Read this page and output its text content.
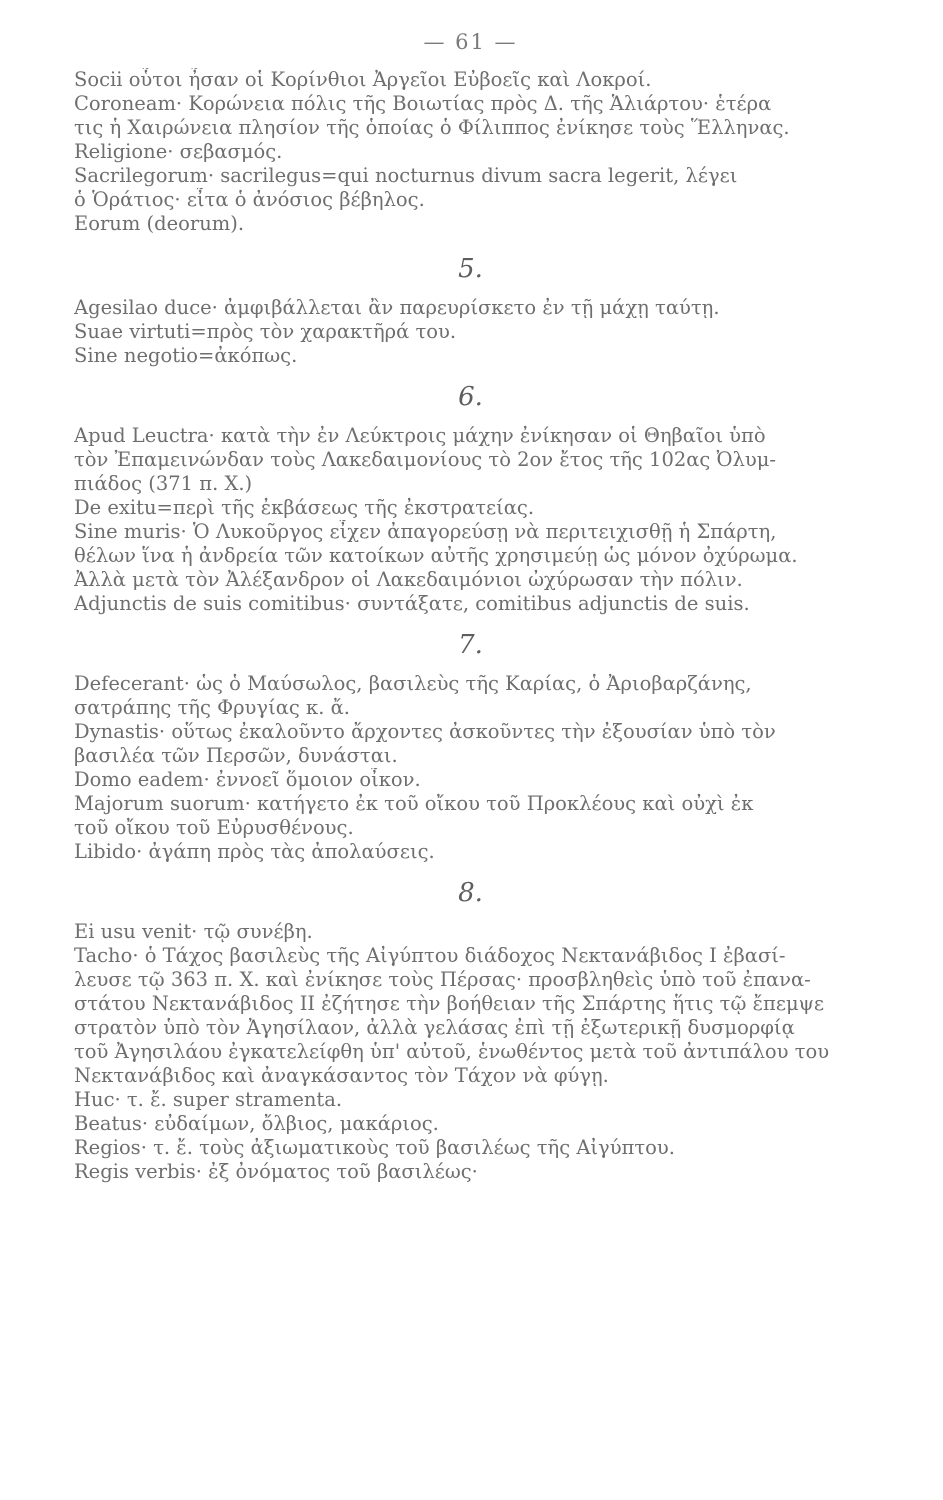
— 61 —
Socii οὗτοι ἦσαν οἱ Κορίνθιοι Ἀργεῖοι Εὐβοεῖς καὶ Λοκροί.
Coroneam· Κορώνεια πόλις τῆς Βοιωτίας πρὸς Δ. τῆς Ἁλιάρτου· ἑτέρα
τις ἡ Χαιρώνεια πλησίον τῆς ὁποίας ὁ Φίλιππος ἐνίκησε τοὺς Ἕλληνας.
Religione· σεβασμός.
Sacrilegorum· sacrilegus=qui nocturnus divum sacra legerit, λέγει
ὁ Ὁράτιος· εἶτα ὁ ἀνόσιος βέβηλος.
Eorum (deorum).
5.
Agesilao duce· ἀμφιβάλλεται ἂν παρευρίσκετο ἐν τῇ μάχῃ ταύτῃ.
Suae virtuti=πρὸς τὸν χαρακτῆρά του.
Sine negotio=ἀκόπως.
6.
Apud Leuctra· κατὰ τὴν ἐν Λεύκτροις μάχην ἐνίκησαν οἱ Θηβαῖοι ὑπὸ
τὸν Ἐπαμεινώνδαν τοὺς Λακεδαιμονίους τὸ 2ον ἔτος τῆς 102ας Ὀλυμ-
πιάδος (371 π. Χ.)
De exitu=περὶ τῆς ἐκβάσεως τῆς ἐκστρατείας.
Sine muris· Ὁ Λυκοῦργος εἶχεν ἀπαγορεύσῃ νὰ περιτειχισθῇ ἡ Σπάρτη,
θέλων ἵνα ἡ ἀνδρεία τῶν κατοίκων αὐτῆς χρησιμεύῃ ὡς μόνον ὀχύρωμα.
Ἀλλὰ μετὰ τὸν Ἀλέξανδρον οἱ Λακεδαιμόνιοι ὠχύρωσαν τὴν πόλιν.
Adjunctis de suis comitibus· συντάξατε, comitibus adjunctis de suis.
7.
Defecerant· ὡς ὁ Μαύσωλος, βασιλεὺς τῆς Καρίας, ὁ Ἀριοβαρζάνης,
σατράπης τῆς Φρυγίας κ. ἄ.
Dynastis· οὕτως ἐκαλοῦντο ἄρχοντες ἀσκοῦντες τὴν ἐξουσίαν ὑπὸ τὸν
βασιλέα τῶν Περσῶν, δυνάσται.
Domo eadem· ἐννοεῖ ὅμοιον οἶκον.
Majorum suorum· κατήγετο ἐκ τοῦ οἴκου τοῦ Προκλέους καὶ οὐχὶ ἐκ
τοῦ οἴκου τοῦ Εὐρυσθένους.
Libido· ἀγάπη πρὸς τὰς ἀπολαύσεις.
8.
Ei usu venit· τῷ συνέβη.
Tacho· ὁ Τάχος βασιλεὺς τῆς Αἰγύπτου διάδοχος Νεκτανάβιδος Ι ἐβασί-
λευσε τῷ 363 π. Χ. καὶ ἐνίκησε τοὺς Πέρσας· προσβληθεὶς ὑπὸ τοῦ ἐπανα-
στάτου Νεκτανάβιδος ΙΙ ἐζήτησε τὴν βοήθειαν τῆς Σπάρτης ἥτις τῷ ἔπεμψε
στρατὸν ὑπὸ τὸν Ἀγησίλαον, ἀλλὰ γελάσας ἐπὶ τῇ ἐξωτερικῇ δυσμορφίᾳ
τοῦ Ἀγησιλάου ἐγκατελείφθη ὑπ' αὐτοῦ, ἑνωθέντος μετὰ τοῦ ἀντιπάλου του
Νεκτανάβιδος καὶ ἀναγκάσαντος τὸν Τάχον νὰ φύγῃ.
Huc· τ. ἔ. super stramenta.
Beatus· εὐδαίμων, ὄλβιος, μακάριος.
Regios· τ. ἔ. τοὺς ἀξιωματικοὺς τοῦ βασιλέως τῆς Αἰγύπτου.
Regis verbis· ἐξ ὀνόματος τοῦ βασιλέως·
